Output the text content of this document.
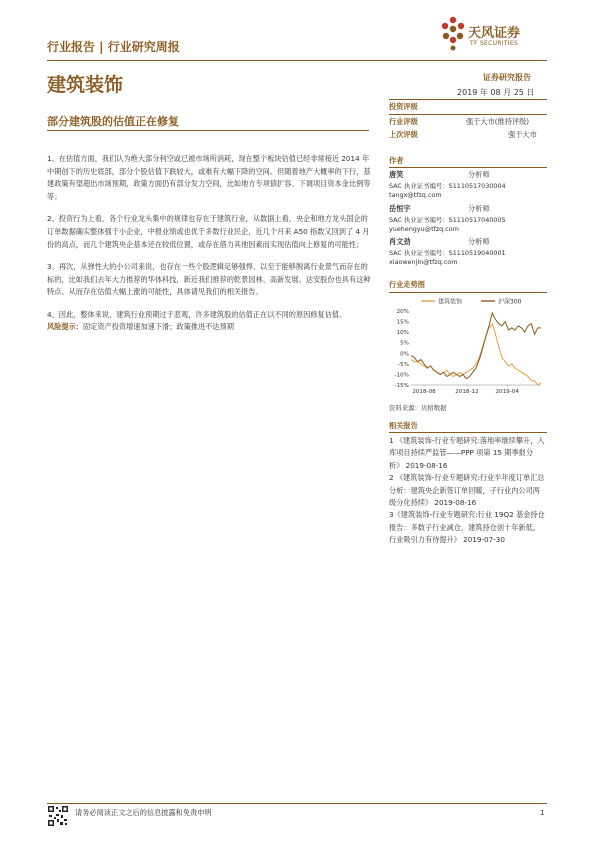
行业报告 | 行业研究周报
天风证券
TF SECURITIES
建筑装饰
部分建筑股的估值正在修复
证券研究报告
2019 年 08 月 25 日

1、在估值方面，我们认为绝大部分利空或已被市场所消耗，现在整个板块估值已经非常接近 2014 年中期创下的历史底部，部分个股估值下跌较大，或难有大幅下降的空间。但随着地产大概率的下行，基建政策有望超出市场预期，政策方面仍有部分发力空间，比如地方专项债扩容、下调项目资本金比例等等；

2、投资行为上看，各个行业龙头集中的规律也存在于建筑行业，从数据上看，央企和地方龙头国企的订单数据确实整体强于小企业，中报业绩或也优于多数行业民企，近几个月来 A50 指数又回到了 4 月份的高点，而几个建筑央企基本还在较低位置，或存在借力其他因素而实现估值向上修复的可能性；

3、再次，从弹性大的小公司来说，也存在一些个股逻辑足够强悍、以至于能够脱离行业景气而存在的标的，比如我们去年大力推荐的华体科技，新近我们推荐的乾景园林、高新发展、达安股份也具有这种特点、从而存在估值大幅上涨的可能性，具体请见我们的相关报告。

4、因此，整体来说，建筑行业预期过于悲观，许多建筑股的估值正在以不同的原因修复估值。

风险提示：固定资产投资增速加速下滑；政策推进不达预期
投资评级
行业评级	强于大市(维持评级)
上次评级	强于大市
作者
唐笑	分析师
SAC 执业证书编号：S1110517030004
tangx@tfzq.com
岳恒宇	分析师
SAC 执业证书编号：S1110517040005
yuehengyu@tfzq.com
肖文劲	分析师
SAC 执业证书编号：S1110519040001
xiaowenjin@tfzq.com
行业走势图
建筑装饰	沪深300
20%
15%
10%
5%
0%
-5%
-10%
-15%
2018-08	2018-12	2019-04
资料来源：贝格数据
相关报告

1 《建筑装饰-行业专题研究:落地率继续攀升，入库项目持续严监管——PPP 项第 15 期季报分析》 2019-08-16

2 《建筑装饰-行业专题研究:行业半年度订单汇总分析：建筑央企新签订单回暖，子行业内公司两级分化持续》 2019-08-16

3《建筑装饰-行业专题研究:行业 19Q2 基金持仓报告：多数子行业减仓，建筑持仓创十年新低，行业吸引力有待提升》 2019-07-30

请务必阅读正文之后的信息披露和免责申明	1
